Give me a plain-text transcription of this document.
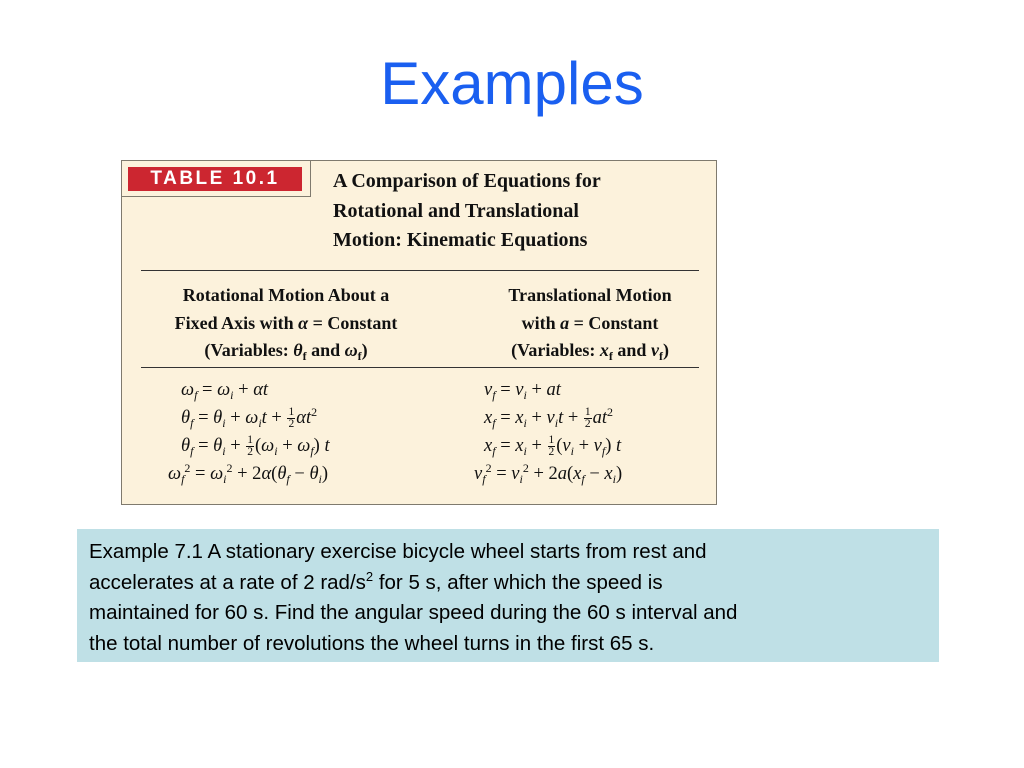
Examples
TABLE 10.1	A Comparison of Equations for
Rotational and Translational
Motion: Kinematic Equations
Rotational Motion About a
Fixed Axis with α = Constant
(Variables: $\theta_f$ and $\omega_f$)
Translational Motion
with a = Constant
(Variables: $x_f$ and $v_f$)
$\omega_f = \omega_i + \alpha t$
$\theta_f = \theta_i + \omega_it + \frac{1}{2} \alpha t^2$
$\theta_f = \theta_i + \frac{1}{2} (\omega_i + \omega_f)$ t
$\omega_f^2 = \omega_i^2 + 2\alpha(\theta_f - \theta_i)$
$v_f = v_i$ + at
$x_f = x_i + v_it + \frac{1}{2} at^2$
$x_f = x_i + \frac{1}{2} (v_i + v_f)$ t
$v_f^2 = v_i^2 + 2a(x_f - x_i)$
Example 7.1 A stationary exercise bicycle wheel starts from rest and
accelerates at a rate of 2 rad/$s^2$ for 5 s, after which the speed is
maintained for 60 s. Find the angular speed during the 60 s interval and
the total number of revolutions the wheel turns in the first 65 s.
